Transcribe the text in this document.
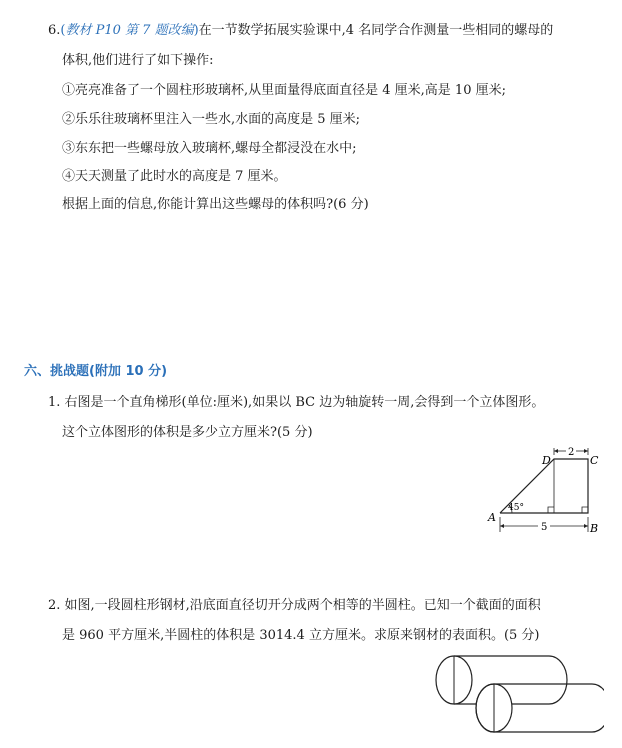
6.(教材 P10 第 7 题改编)在一节数学拓展实验课中,4 名同学合作测量一些相同的螺母的
体积,他们进行了如下操作:
①亮亮准备了一个圆柱形玻璃杯,从里面量得底面直径是 4 厘米,高是 10 厘米;
②乐乐往玻璃杯里注入一些水,水面的高度是 5 厘米;
③东东把一些螺母放入玻璃杯,螺母全都浸没在水中;
④天天测量了此时水的高度是 7 厘米。
根据上面的信息,你能计算出这些螺母的体积吗?(6 分)
六、挑战题(附加 10 分)
1. 右图是一个直角梯形(单位:厘米),如果以 BC 边为轴旋转一周,会得到一个立体图形。
这个立体图形的体积是多少立方厘米?(5 分)
45°
2
5
A
B
C
D
2. 如图,一段圆柱形钢材,沿底面直径切开分成两个相等的半圆柱。已知一个截面的面积
是 960 平方厘米,半圆柱的体积是 3014.4 立方厘米。求原来钢材的表面积。(5 分)
